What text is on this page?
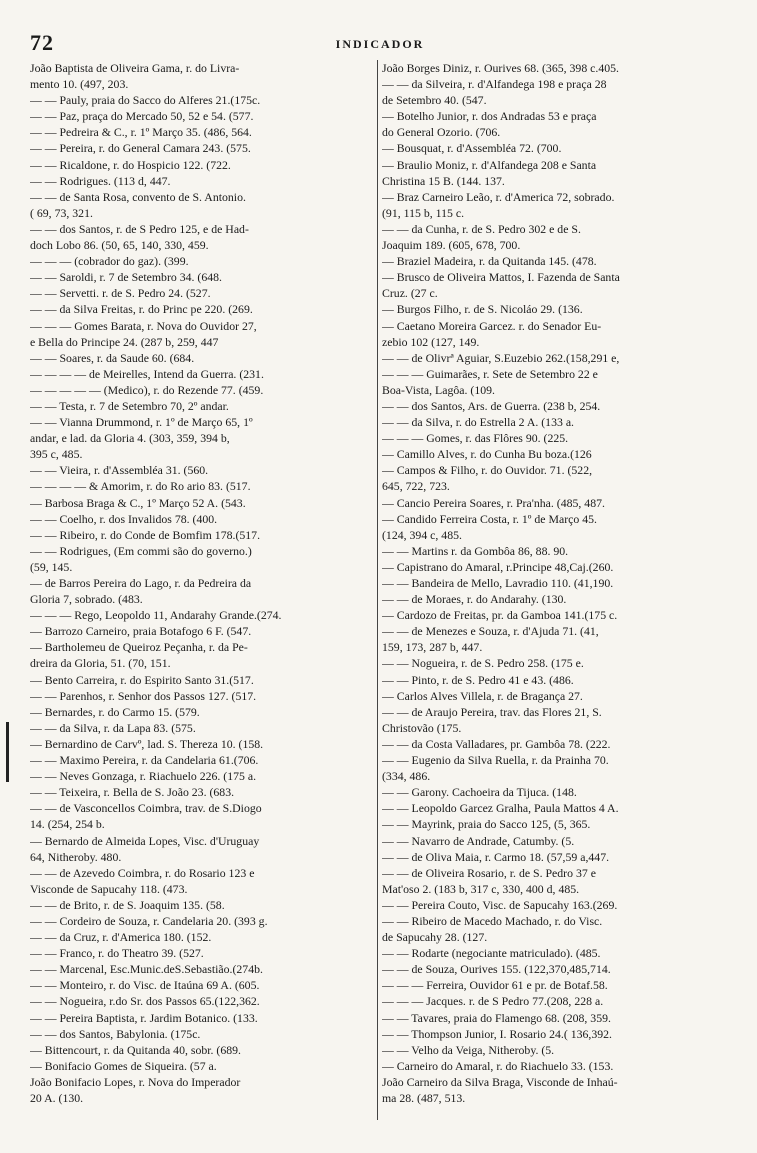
72	INDICADOR
João Baptista de Oliveira Gama, r. do Livra-
mento 10. (497, 203.
— — Pauly, praia do Sacco do Alferes 21.(175c.
— — Paz, praça do Mercado 50, 52 e 54. (577.
— — Pedreira & C., r. 1º Março 35. (486, 564.
— — Pereira, r. do General Camara 243. (575.
— — Ricaldone, r. do Hospicio 122. (722.
— — Rodrigues. (113 d, 447.
— — de Santa Rosa, convento de S. Antonio.
( 69, 73, 321.
— — dos Santos, r. de S Pedro 125, e de Had-
doch Lobo 86. (50, 65, 140, 330, 459.
— — — (cobrador do gaz). (399.
— — Saroldi, r. 7 de Setembro 34. (648.
— — Servetti. r. de S. Pedro 24. (527.
— — da Silva Freitas, r. do Princ pe 220. (269.
— — — Gomes Barata, r. Nova do Ouvidor 27,
e Bella do Principe 24. (287 b, 259, 447
— — Soares, r. da Saude 60. (684.
— — — — de Meirelles, Intend da Guerra. (231.
— — — — — (Medico), r. do Rezende 77. (459.
— — Testa, r. 7 de Setembro 70, 2º andar.
— — Vianna Drummond, r. 1º de Março 65, 1º
andar, e lad. da Gloria 4. (303, 359, 394 b,
395 c, 485.
— — Vieira, r. d'Assembléa 31. (560.
— — — — & Amorim, r. do Ro ario 83. (517.
— Barbosa Braga & C., 1º Março 52 A. (543.
— — Coelho, r. dos Invalidos 78. (400.
— — Ribeiro, r. do Conde de Bomfim 178.(517.
— — Rodrigues, (Em commi são do governo.)
(59, 145.
— de Barros Pereira do Lago, r. da Pedreira da
Gloria 7, sobrado. (483.
— — — Rego, Leopoldo 11, Andarahy Grande.(274.
— Barrozo Carneiro, praia Botafogo 6 F. (547.
— Bartholemeu de Queiroz Peçanha, r. da Pe-
dreira da Gloria, 51. (70, 151.
— Bento Carreira, r. do Espirito Santo 31.(517.
— — Parenhos, r. Senhor dos Passos 127. (517.
— Bernardes, r. do Carmo 15. (579.
— — da Silva, r. da Lapa 83. (575.
— Bernardino de Carvº, lad. S. Thereza 10. (158.
— — Maximo Pereira, r. da Candelaria 61.(706.
— — Neves Gonzaga, r. Riachuelo 226. (175 a.
— — Teixeira, r. Bella de S. João 23. (683.
— — de Vasconcellos Coimbra, trav. de S.Diogo
14. (254, 254 b.
— Bernardo de Almeida Lopes, Visc. d'Uruguay
64, Nitheroby. 480.
— — de Azevedo Coimbra, r. do Rosario 123 e
Visconde de Sapucahy 118. (473.
— — de Brito, r. de S. Joaquim 135. (58.
— — Cordeiro de Souza, r. Candelaria 20. (393 g.
— — da Cruz, r. d'America 180. (152.
— — Franco, r. do Theatro 39. (527.
— — Marcenal, Esc.Munic.deS.Sebastião.(274b.
— — Monteiro, r. do Visc. de Itaúna 69 A. (605.
— — Nogueira, r.do Sr. dos Passos 65.(122,362.
— — Pereira Baptista, r. Jardim Botanico. (133.
— — dos Santos, Babylonia. (175c.
— Bittencourt, r. da Quitanda 40, sobr. (689.
— Bonifacio Gomes de Siqueira. (57 a.
João Bonifacio Lopes, r. Nova do Imperador
20 A. (130.
João Borges Diniz, r. Ourives 68. (365, 398 c.405.
— — da Silveira, r. d'Alfandega 198 e praça 28
de Setembro 40. (547.
— Botelho Junior, r. dos Andradas 53 e praça
do General Ozorio. (706.
— Bousquat, r. d'Assembléa 72. (700.
— Braulio Moniz, r. d'Alfandega 208 e Santa
Christina 15 B. (144. 137.
— Braz Carneiro Leão, r. d'America 72, sobrado.
(91, 115 b, 115 c.
— — da Cunha, r. de S. Pedro 302 e de S.
Joaquim 189. (605, 678, 700.
— Braziel Madeira, r. da Quitanda 145. (478.
— Brusco de Oliveira Mattos, I. Fazenda de Santa
Cruz. (27 c.
— Burgos Filho, r. de S. Nicoláo 29. (136.
— Caetano Moreira Garcez. r. do Senador Eu-
zebio 102 (127, 149.
— — de Olivrª Aguiar, S.Euzebio 262.(158,291 e,
— — — Guimarães, r. Sete de Setembro 22 e
Boa-Vista, Lagôa. (109.
— — dos Santos, Ars. de Guerra. (238 b, 254.
— — da Silva, r. do Estrella 2 A. (133 a.
— — — Gomes, r. das Flôres 90. (225.
— Camillo Alves, r. do Cunha Bu boza.(126
— Campos & Filho, r. do Ouvidor. 71. (522,
645, 722, 723.
— Cancio Pereira Soares, r. Pra'nha. (485, 487.
— Candido Ferreira Costa, r. 1º de Março 45.
(124, 394 c, 485.
— — Martins r. da Gombôa 86, 88. 90.
— Capistrano do Amaral, r.Principe 48,Caj.(260.
— — Bandeira de Mello, Lavradio 110. (41,190.
— — de Moraes, r. do Andarahy. (130.
— Cardozo de Freitas, pr. da Gamboa 141.(175 c.
— — de Menezes e Souza, r. d'Ajuda 71. (41,
159, 173, 287 b, 447.
— — Nogueira, r. de S. Pedro 258. (175 e.
— — Pinto, r. de S. Pedro 41 e 43. (486.
— Carlos Alves Villela, r. de Bragança 27.
— — de Araujo Pereira, trav. das Flores 21, S.
Christovão (175.
— — da Costa Valladares, pr. Gambôa 78. (222.
— — Eugenio da Silva Ruella, r. da Prainha 70.
(334, 486.
— — Garony. Cachoeira da Tijuca. (148.
— — Leopoldo Garcez Gralha, Paula Mattos 4 A.
— — Mayrink, praia do Sacco 125, (5, 365.
— — Navarro de Andrade, Catumby. (5.
— — de Oliva Maia, r. Carmo 18. (57,59 a,447.
— — de Oliveira Rosario, r. de S. Pedro 37 e
Mat'oso 2. (183 b, 317 c, 330, 400 d, 485.
— — Pereira Couto, Visc. de Sapucahy 163.(269.
— — Ribeiro de Macedo Machado, r. do Visc.
de Sapucahy 28. (127.
— — Rodarte (negociante matriculado). (485.
— — de Souza, Ourives 155. (122,370,485,714.
— — — Ferreira, Ouvidor 61 e pr. de Botaf.58.
— — — Jacques. r. de S Pedro 77.(208, 228 a.
— — Tavares, praia do Flamengo 68. (208, 359.
— — Thompson Junior, I. Rosario 24.( 136,392.
— — Velho da Veiga, Nitheroby. (5.
— Carneiro do Amaral, r. do Riachuelo 33. (153.
João Carneiro da Silva Braga, Visconde de Inhaú-
ma 28. (487, 513.
